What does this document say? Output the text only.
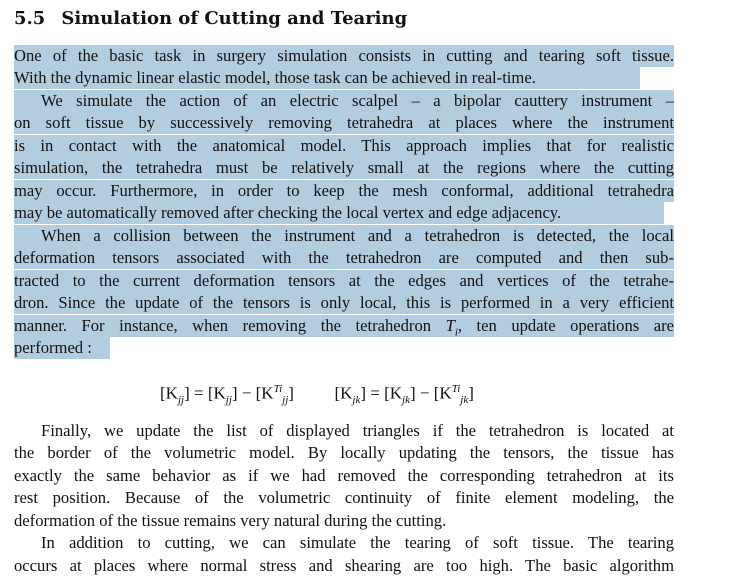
5.5 Simulation of Cutting and Tearing
One of the basic task in surgery simulation consists in cutting and tearing soft tissue.
With the dynamic linear elastic model, those task can be achieved in real-time.
We simulate the action of an electric scalpel – a bipolar cauttery instrument –
on soft tissue by successively removing tetrahedra at places where the instrument
is in contact with the anatomical model. This approach implies that for realistic
simulation, the tetrahedra must be relatively small at the regions where the cutting
may occur. Furthermore, in order to keep the mesh conformal, additional tetrahedra
may be automatically removed after checking the local vertex and edge adjacency.
When a collision between the instrument and a tetrahedron is detected, the local
deformation tensors associated with the tetrahedron are computed and then sub-
tracted to the current deformation tensors at the edges and vertices of the tetrahe-
dron. Since the update of the tensors is only local, this is performed in a very efficient
manner. For instance, when removing the tetrahedron $T_i$, ten update operations are
performed :
$[K_{jj}] = [K_{jj}] - [K^{Ti}_{jj}] [K_{jk}] = [K_{jk}] - [K^{Ti}_{jk}]$
Finally, we update the list of displayed triangles if the tetrahedron is located at
the border of the volumetric model. By locally updating the tensors, the tissue has
exactly the same behavior as if we had removed the corresponding tetrahedron at its
rest position. Because of the volumetric continuity of finite element modeling, the
deformation of the tissue remains very natural during the cutting.
In addition to cutting, we can simulate the tearing of soft tissue. The tearing
occurs at places where normal stress and shearing are too high. The basic algorithm
